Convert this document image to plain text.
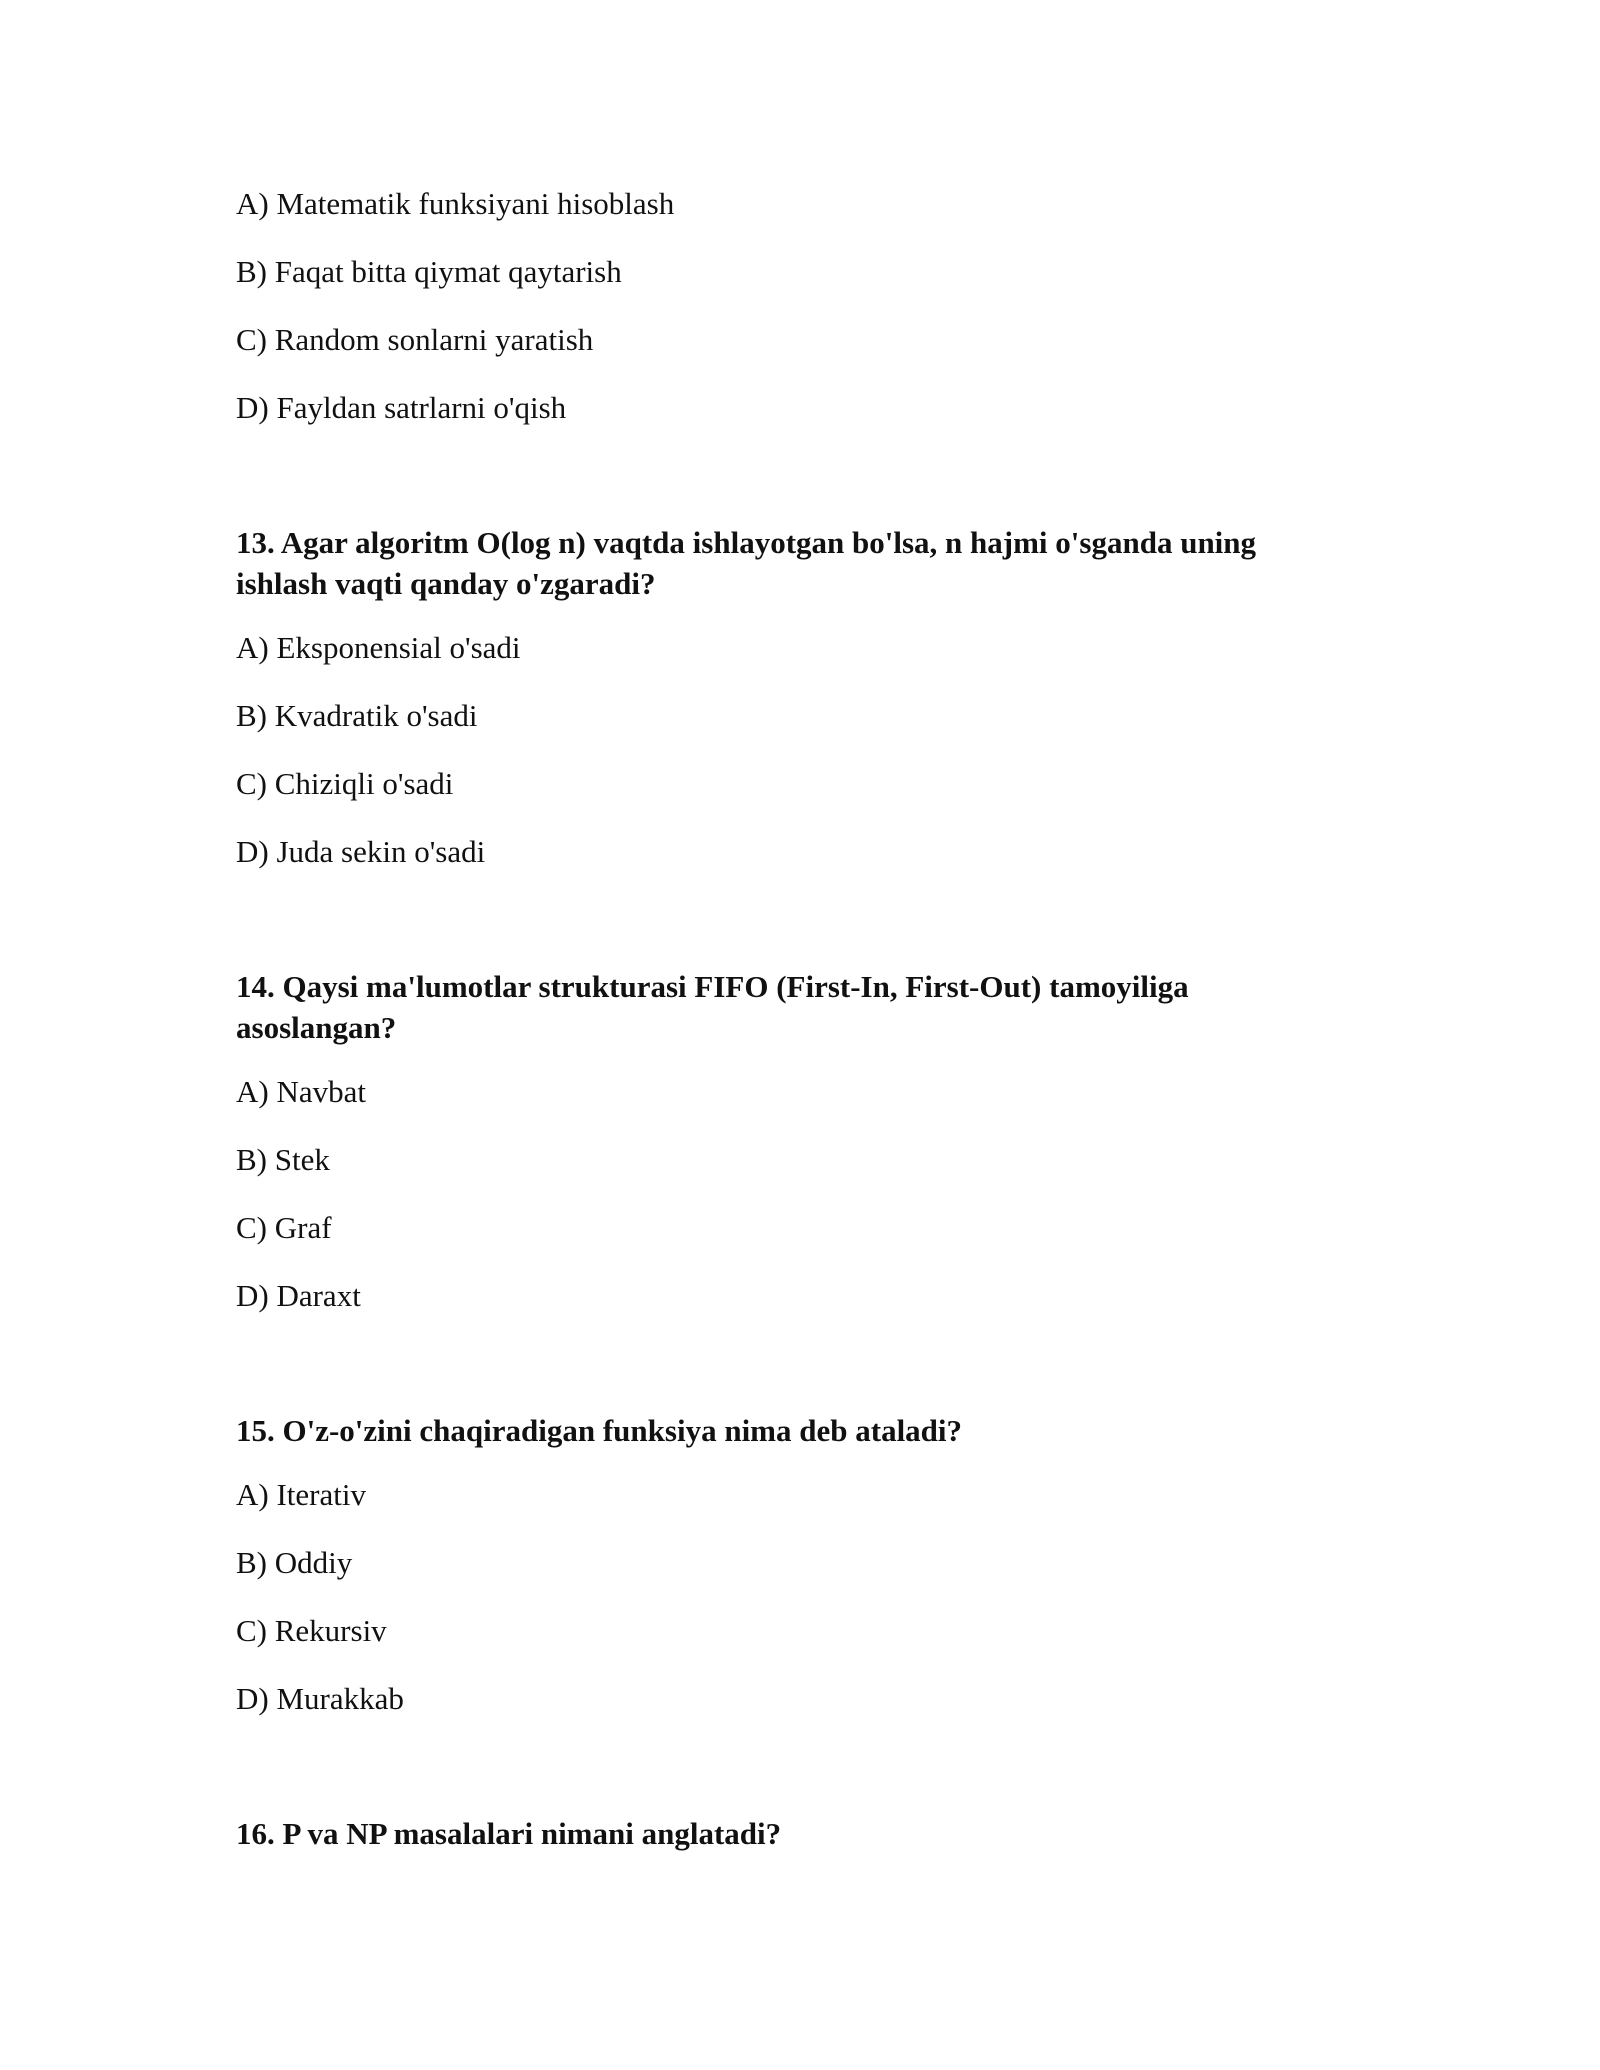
A) Matematik funksiyani hisoblash

B) Faqat bitta qiymat qaytarish

C) Random sonlarni yaratish

D) Fayldan satrlarni o'qish

13. Agar algoritm O(log n) vaqtda ishlayotgan bo'lsa, n hajmi o'sganda uning ishlash vaqti qanday o'zgaradi?

A) Eksponensial o'sadi

B) Kvadratik o'sadi

C) Chiziqli o'sadi

D) Juda sekin o'sadi

14. Qaysi ma'lumotlar strukturasi FIFO (First-In, First-Out) tamoyiliga asoslangan?

A) Navbat

B) Stek

C) Graf

D) Daraxt

15. O'z-o'zini chaqiradigan funksiya nima deb ataladi?

A) Iterativ

B) Oddiy

C) Rekursiv

D) Murakkab

16. P va NP masalalari nimani anglatadi?
